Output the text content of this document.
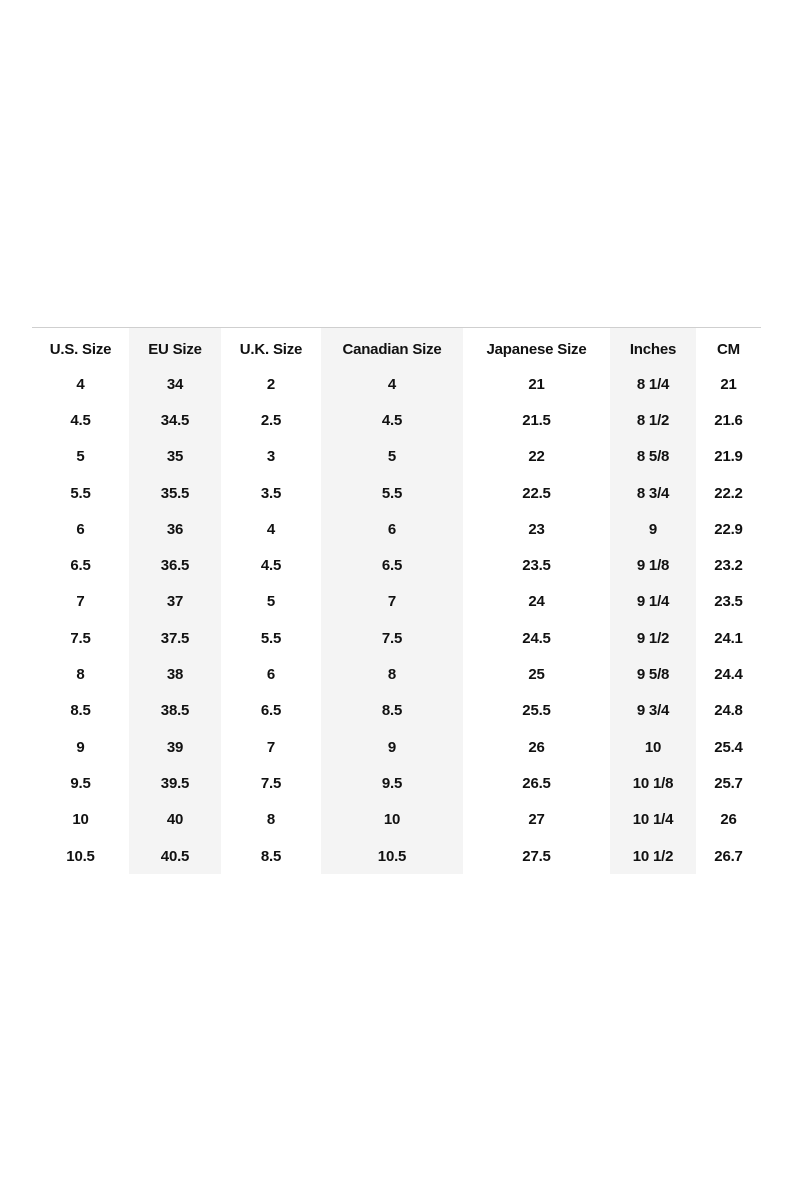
U.S. Size	EU Size	U.K. Size	Canadian Size	Japanese Size	Inches	CM
4	34	2	4	21	8 1/4	21
4.5	34.5	2.5	4.5	21.5	8 1/2	21.6
5	35	3	5	22	8 5/8	21.9
5.5	35.5	3.5	5.5	22.5	8 3/4	22.2
6	36	4	6	23	9	22.9
6.5	36.5	4.5	6.5	23.5	9 1/8	23.2
7	37	5	7	24	9 1/4	23.5
7.5	37.5	5.5	7.5	24.5	9 1/2	24.1
8	38	6	8	25	9 5/8	24.4
8.5	38.5	6.5	8.5	25.5	9 3/4	24.8
9	39	7	9	26	10	25.4
9.5	39.5	7.5	9.5	26.5	10 1/8	25.7
10	40	8	10	27	10 1/4	26
10.5	40.5	8.5	10.5	27.5	10 1/2	26.7
